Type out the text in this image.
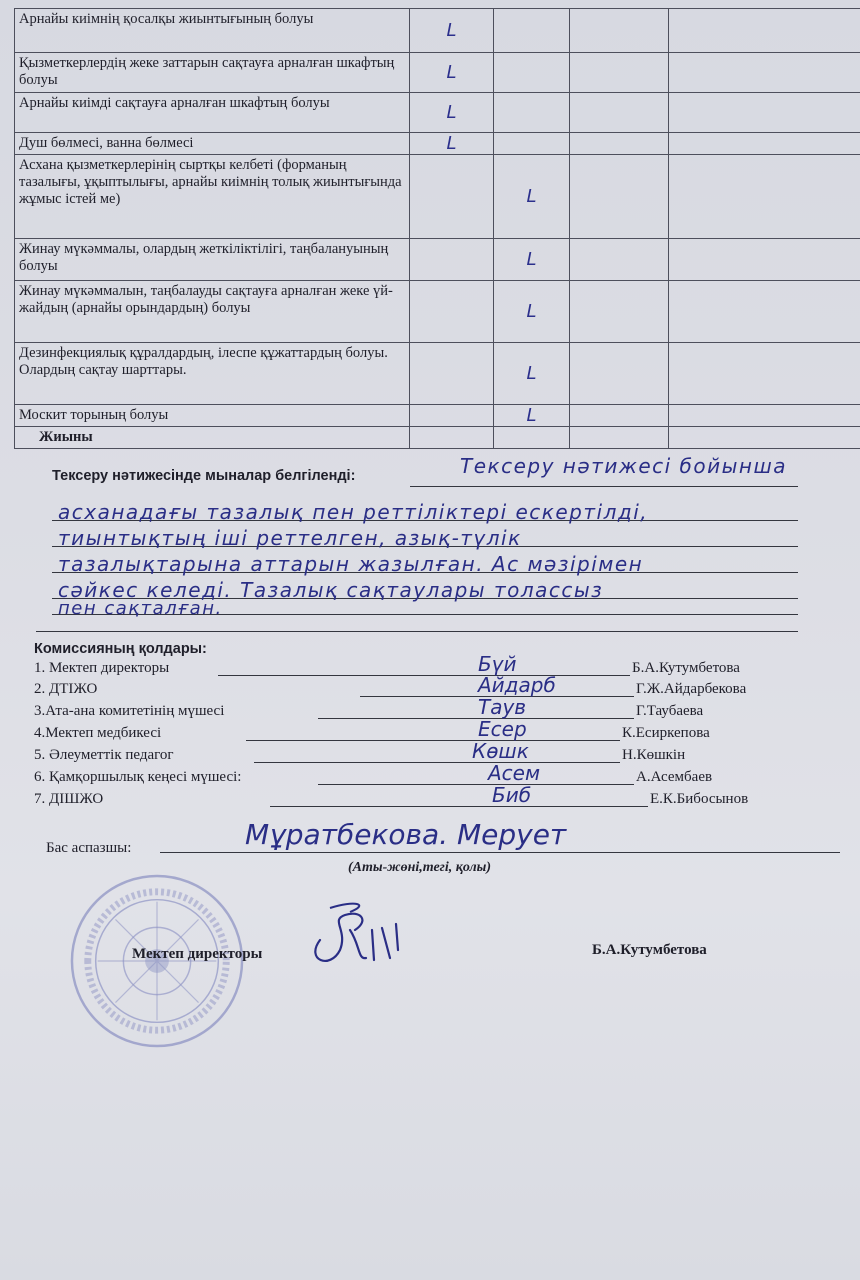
Арнайы киімнің қосалқы жиынтығының болуы	L			
Қызметкерлердің жеке заттарын сақтауға арналған шкафтың болуы	L			
Арнайы киімді сақтауға арналған шкафтың болуы	L			
Душ бөлмесі, ванна бөлмесі	L			
Асхана қызметкерлерінің сыртқы келбеті (форманың тазалығы, ұқыптылығы, арнайы киімнің толық жиынтығында жұмыс істей ме)		L		
Жинау мүкәммалы, олардың жеткіліктілігі, таңбалануының болуы		L		
Жинау мүкәммалын, таңбалауды сақтауға арналған жеке үй-жайдың (арнайы орындардың) болуы		L		
Дезинфекциялық құралдардың, ілеспе құжаттардың болуы. Олардың сақтау шарттары.		L		
Москит торының болуы		L		
Жиыны				
Тексеру нәтижесінде мыналар белгіленді:	Тексеру нәтижесі бойынша
асханадағы тазалық пен реттіліктері ескертілді,
тиынтықтың іші реттелген, азық-түлік
тазалықтарына аттарын жазылған. Ас мәзірімен
сәйкес келеді. Тазалық сақтаулары толассыз
пен сақталған.
Комиссияның қолдары:
1. Мектеп директоры	Бүй	Б.А.Кутумбетова
2. ДТІЖО	Айдарб	Г.Ж.Айдарбекова
3.Ата-ана комитетінің мүшесі	Таув	Г.Таубаева
4.Мектеп медбикесі	Есер	К.Есиркепова
5. Әлеуметтік педагог	Көшк	Н.Көшкін
6. Қамқоршылық кеңесі мүшесі:	Асем	А.Асембаев
7. ДІШЖО	Биб	Е.К.Бибосынов
Бас аспазшы:	Мұратбекова. Мерует
(Аты-жөні,тегі, қолы)
Мектеп директоры	Б.А.Кутумбетова
